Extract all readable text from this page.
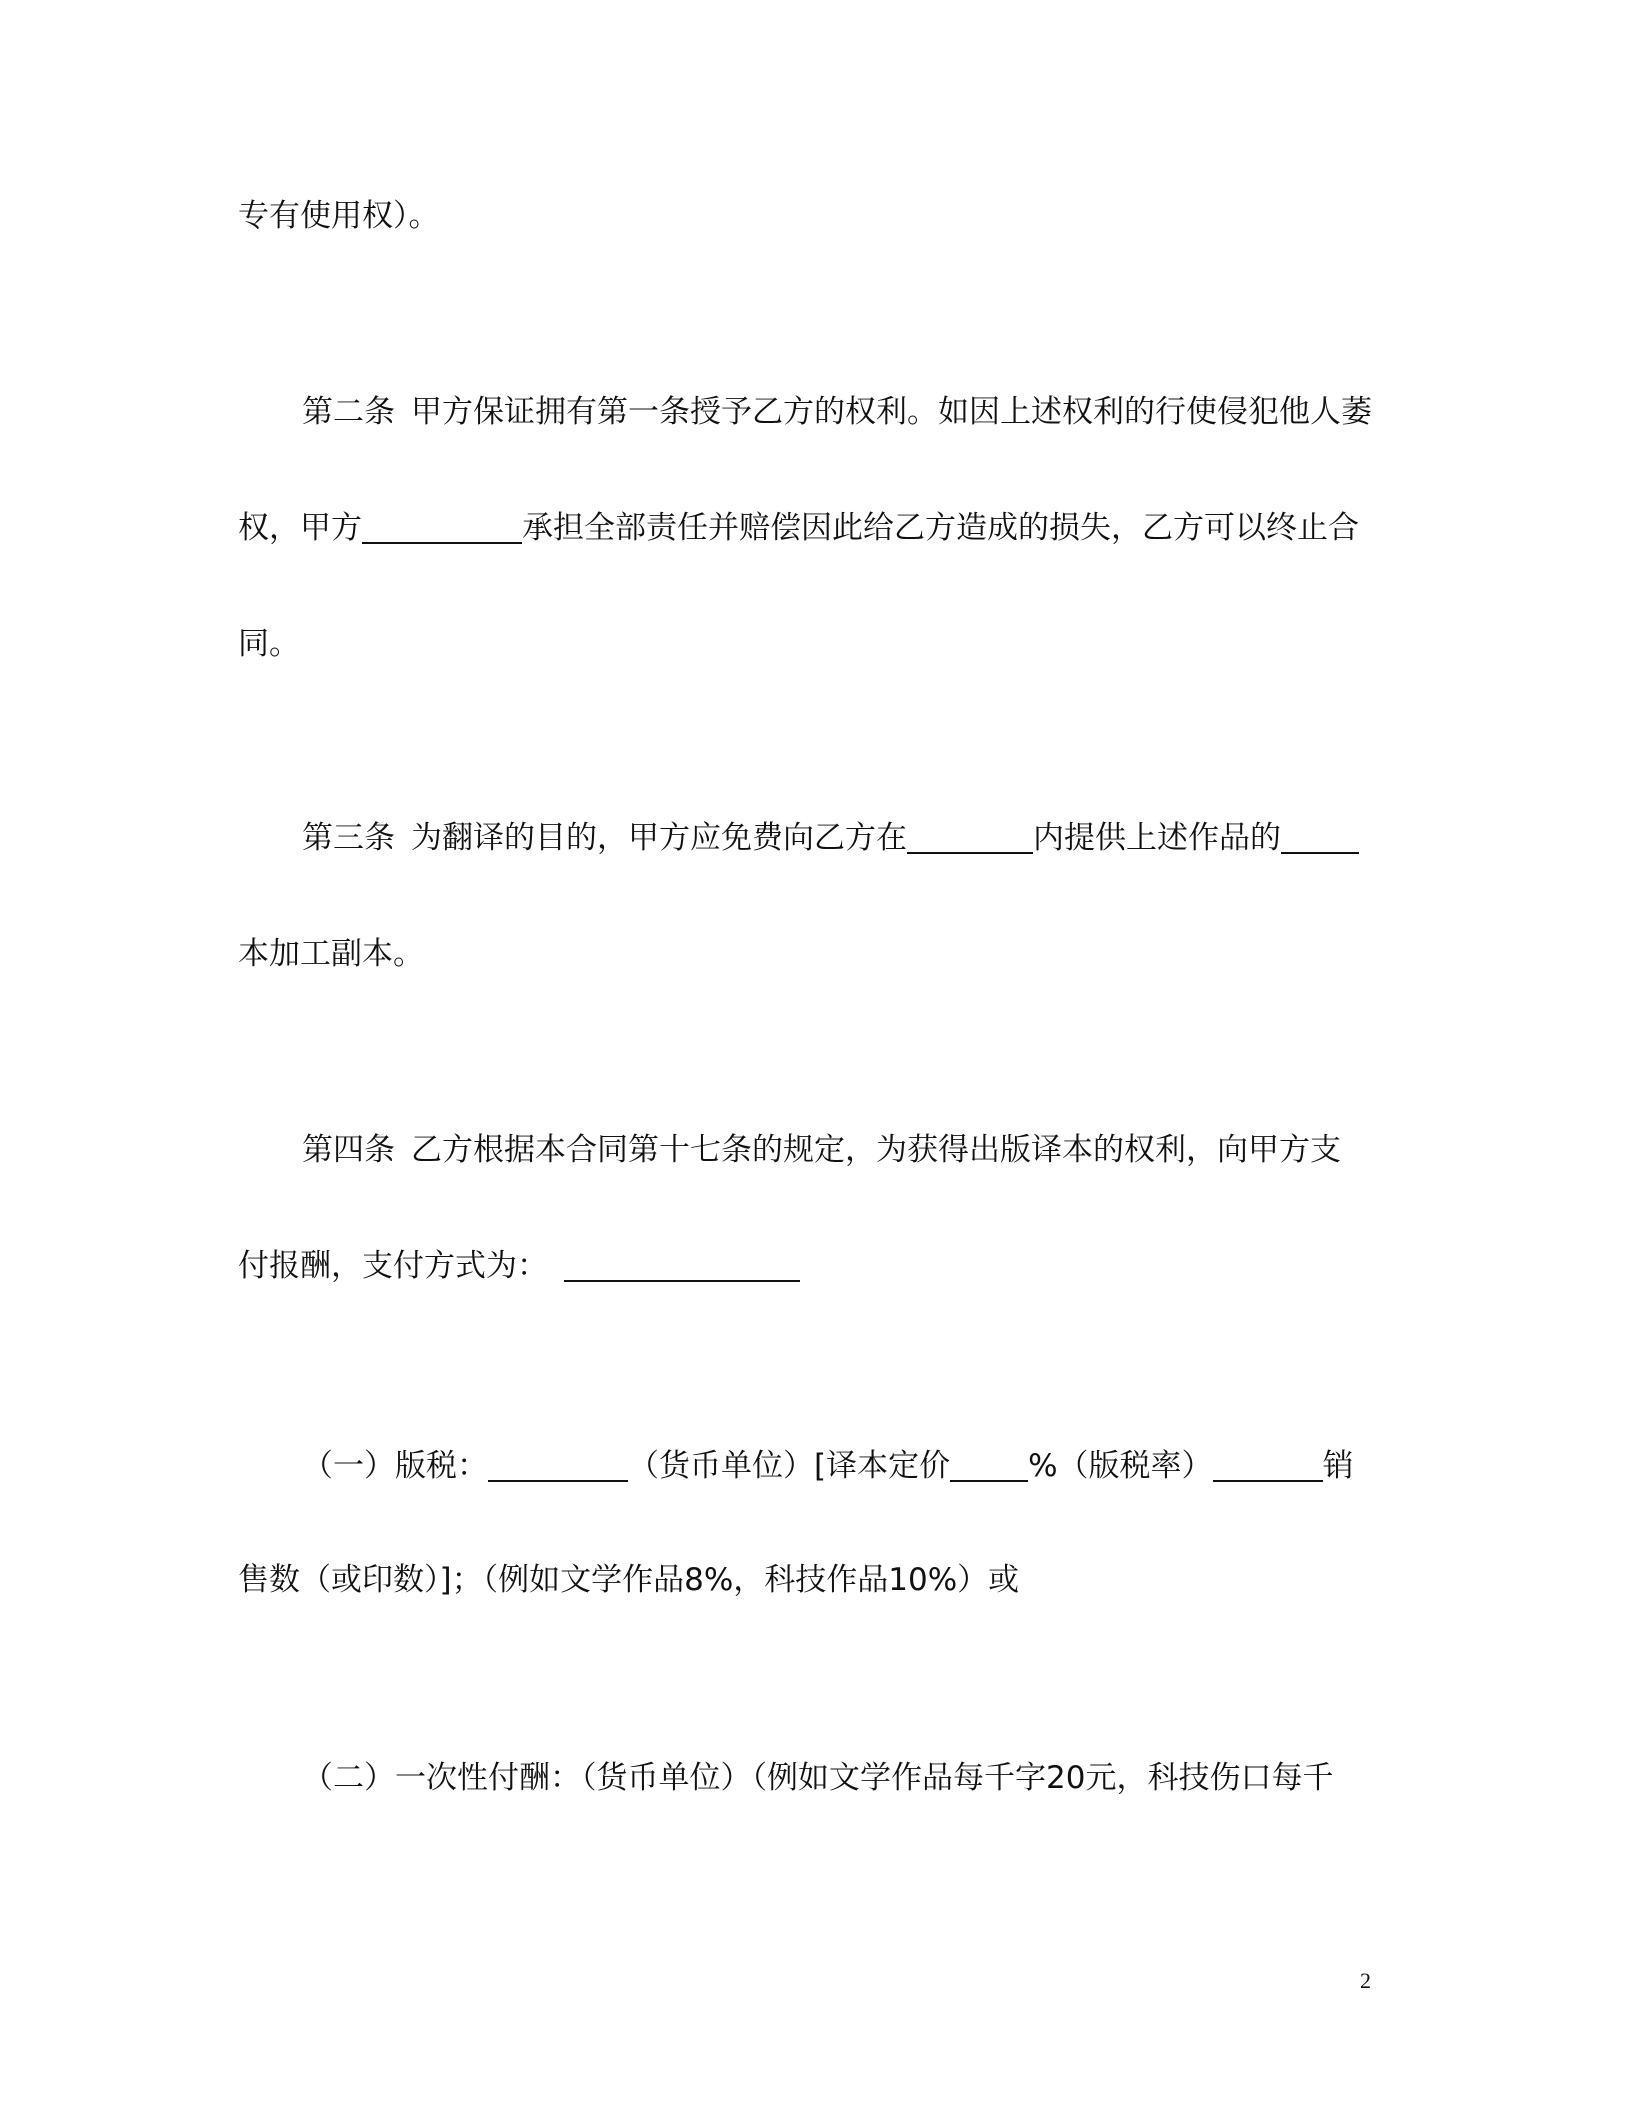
专有使用权）。
第二条 甲方保证拥有第一条授予乙方的权利。如因上述权利的行使侵犯他人萎
权，甲方	承担全部责任并赔偿因此给乙方造成的损失，乙方可以终止合
同。
第三条 为翻译的目的，甲方应免费向乙方在	内提供上述作品的
本加工副本。
第四条 乙方根据本合同第十七条的规定，为获得出版译本的权利，向甲方支
付报酬，支付方式为：
（一）版税：	（货币单位）[译本定价	%（版税率）	销
售数（或印数）]；（例如文学作品8%，科技作品10%）或
（二）一次性付酬：（货币单位）（例如文学作品每千字20元，科技伤口每千
2
